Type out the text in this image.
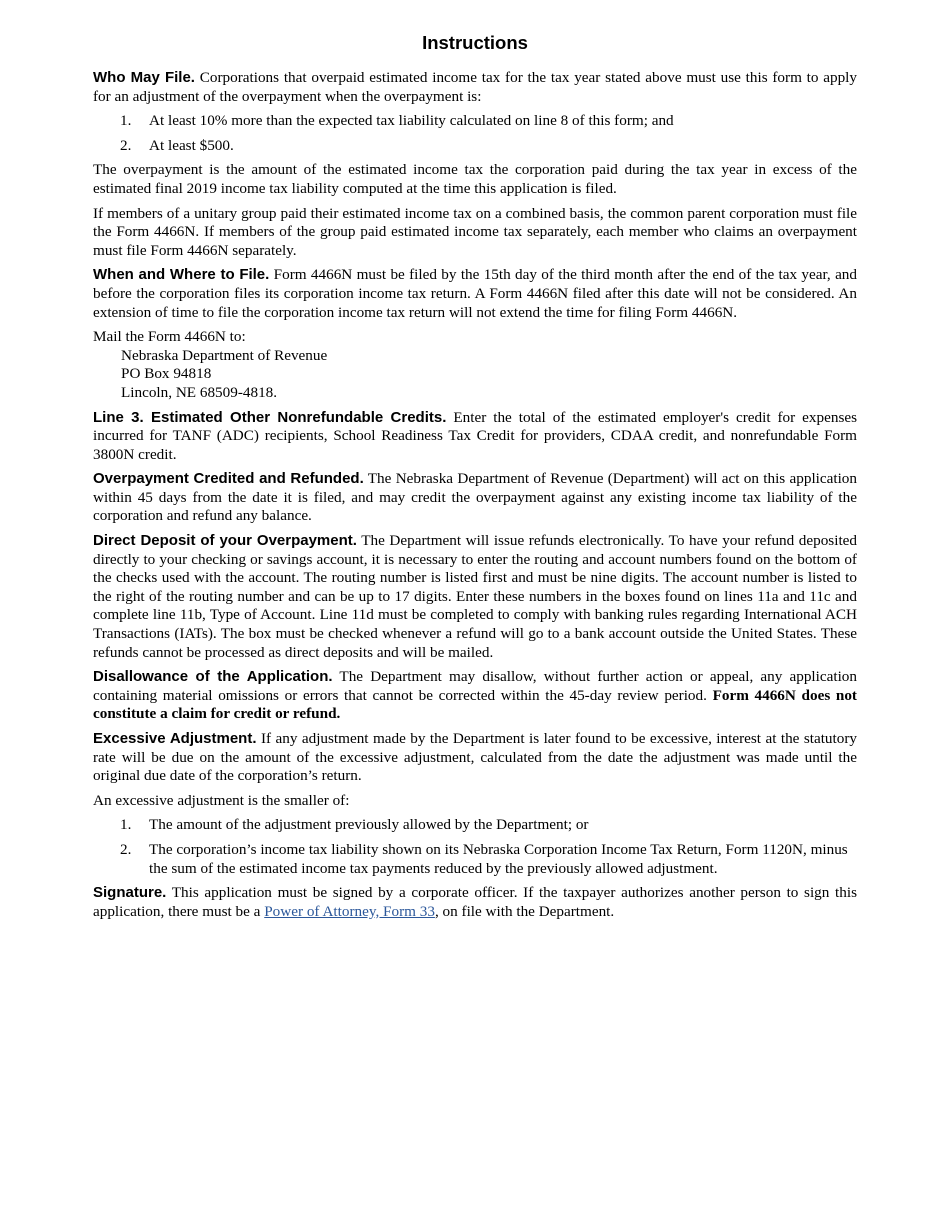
Instructions

Who May File. Corporations that overpaid estimated income tax for the tax year stated above must use this form to apply for an adjustment of the overpayment when the overpayment is:

1. At least 10% more than the expected tax liability calculated on line 8 of this form; and
2. At least $500.

The overpayment is the amount of the estimated income tax the corporation paid during the tax year in excess of the estimated final 2019 income tax liability computed at the time this application is filed.

If members of a unitary group paid their estimated income tax on a combined basis, the common parent corporation must file the Form 4466N. If members of the group paid estimated income tax separately, each member who claims an overpayment must file Form 4466N separately.

When and Where to File. Form 4466N must be filed by the 15th day of the third month after the end of the tax year, and before the corporation files its corporation income tax return. A Form 4466N filed after this date will not be considered. An extension of time to file the corporation income tax return will not extend the time for filing Form 4466N.

Mail the Form 4466N to:
Nebraska Department of Revenue
PO Box 94818
Lincoln, NE 68509-4818.

Line 3. Estimated Other Nonrefundable Credits. Enter the total of the estimated employer's credit for expenses incurred for TANF (ADC) recipients, School Readiness Tax Credit for providers, CDAA credit, and nonrefundable Form 3800N credit.

Overpayment Credited and Refunded. The Nebraska Department of Revenue (Department) will act on this application within 45 days from the date it is filed, and may credit the overpayment against any existing income tax liability of the corporation and refund any balance.

Direct Deposit of your Overpayment. The Department will issue refunds electronically. To have your refund deposited directly to your checking or savings account, it is necessary to enter the routing and account numbers found on the bottom of the checks used with the account. The routing number is listed first and must be nine digits. The account number is listed to the right of the routing number and can be up to 17 digits. Enter these numbers in the boxes found on lines 11a and 11c and complete line 11b, Type of Account. Line 11d must be completed to comply with banking rules regarding International ACH Transactions (IATs). The box must be checked whenever a refund will go to a bank account outside the United States. These refunds cannot be processed as direct deposits and will be mailed.

Disallowance of the Application. The Department may disallow, without further action or appeal, any application containing material omissions or errors that cannot be corrected within the 45-day review period. Form 4466N does not constitute a claim for credit or refund.

Excessive Adjustment. If any adjustment made by the Department is later found to be excessive, interest at the statutory rate will be due on the amount of the excessive adjustment, calculated from the date the adjustment was made until the original due date of the corporation’s return.

An excessive adjustment is the smaller of:

1. The amount of the adjustment previously allowed by the Department; or
2. The corporation’s income tax liability shown on its Nebraska Corporation Income Tax Return, Form 1120N, minus the sum of the estimated income tax payments reduced by the previously allowed adjustment.

Signature. This application must be signed by a corporate officer. If the taxpayer authorizes another person to sign this application, there must be a Power of Attorney, Form 33, on file with the Department.
